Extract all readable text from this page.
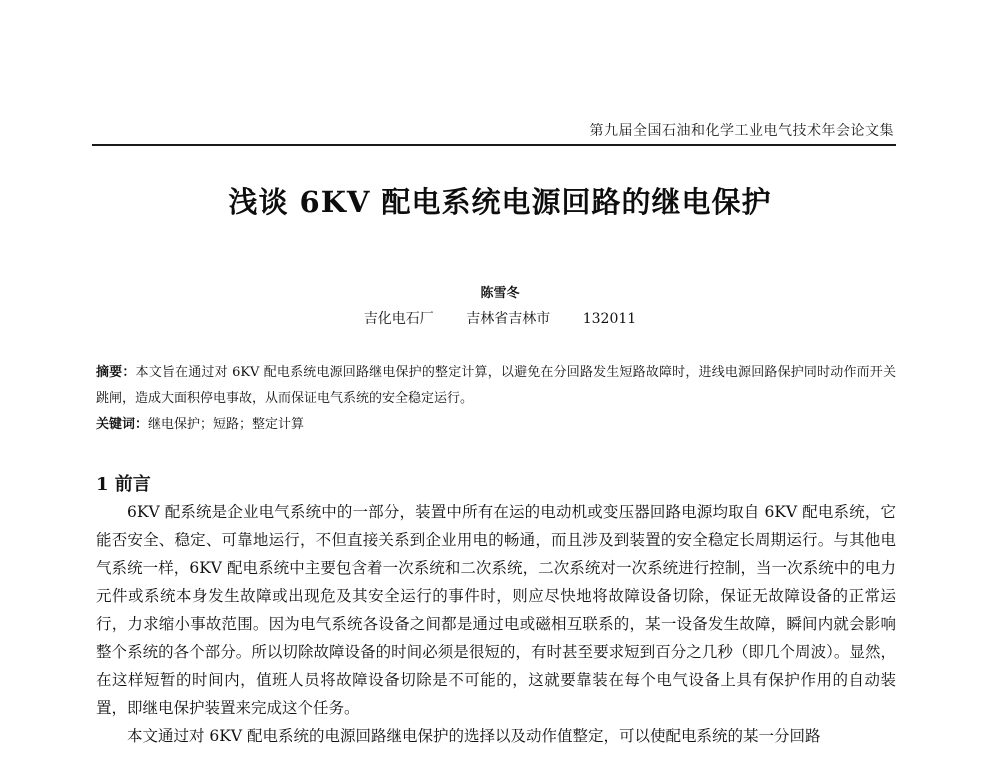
第九届全国石油和化学工业电气技术年会论文集
浅谈 6KV 配电系统电源回路的继电保护
陈雪冬
吉化电石厂 吉林省吉林市 132011
摘要：本文旨在通过对 6KV 配电系统电源回路继电保护的整定计算，以避免在分回路发生短路故障时，进线电源回路保护同时动作而开关跳闸，造成大面积停电事故，从而保证电气系统的安全稳定运行。
关键词：继电保护；短路；整定计算
1 前言

6KV 配系统是企业电气系统中的一部分，装置中所有在运的电动机或变压器回路电源均取自 6KV 配电系统，它能否安全、稳定、可靠地运行，不但直接关系到企业用电的畅通，而且涉及到装置的安全稳定长周期运行。与其他电气系统一样，6KV 配电系统中主要包含着一次系统和二次系统，二次系统对一次系统进行控制，当一次系统中的电力元件或系统本身发生故障或出现危及其安全运行的事件时，则应尽快地将故障设备切除，保证无故障设备的正常运行，力求缩小事故范围。因为电气系统各设备之间都是通过电或磁相互联系的，某一设备发生故障，瞬间内就会影响整个系统的各个部分。所以切除故障设备的时间必须是很短的，有时甚至要求短到百分之几秒（即几个周波）。显然，在这样短暂的时间内，值班人员将故障设备切除是不可能的，这就要靠装在每个电气设备上具有保护作用的自动装置，即继电保护装置来完成这个任务。

本文通过对 6KV 配电系统的电源回路继电保护的选择以及动作值整定，可以使配电系统的某一分回路
